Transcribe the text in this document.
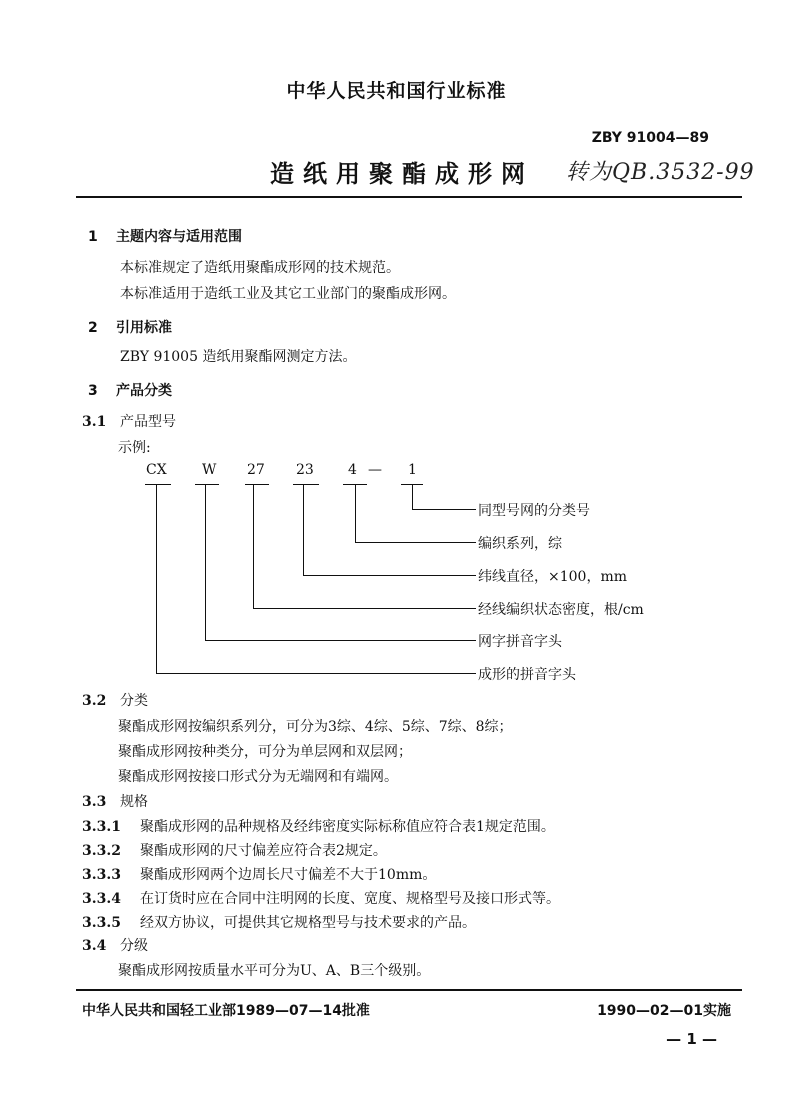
中华人民共和国行业标准
ZBY 91004—89
造纸用聚酯成形网 转为QB.3532-99
1 主题内容与适用范围
本标准规定了造纸用聚酯成形网的技术规范。
本标准适用于造纸工业及其它工业部门的聚酯成形网。
2 引用标准
ZBY 91005 造纸用聚酯网测定方法。
3 产品分类
3.1 产品型号
示例:
CX	W 27 23 4 — 1
同型号网的分类号
编织系列，综
纬线直径，×100，mm
经线编织状态密度，根/cm
网字拼音字头
成形的拼音字头
3.2 分类
聚酯成形网按编织系列分，可分为3综、4综、5综、7综、8综；
聚酯成形网按种类分，可分为单层网和双层网；
聚酯成形网按接口形式分为无端网和有端网。
3.3 规格
3.3.1 聚酯成形网的品种规格及经纬密度实际标称值应符合表1规定范围。
3.3.2 聚酯成形网的尺寸偏差应符合表2规定。
3.3.3 聚酯成形网两个边周长尺寸偏差不大于10mm。
3.3.4 在订货时应在合同中注明网的长度、宽度、规格型号及接口形式等。
3.3.5 经双方协议，可提供其它规格型号与技术要求的产品。
3.4 分级
聚酯成形网按质量水平可分为U、A、B三个级别。
中华人民共和国轻工业部1989—07—14批准	1990—02—01实施
— 1 —
